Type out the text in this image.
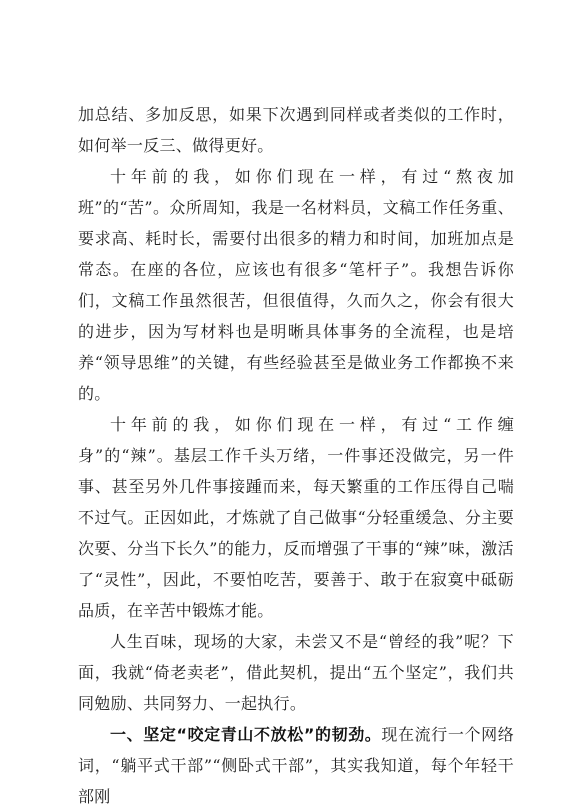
加总结、多加反思，如果下次遇到同样或者类似的工作时，如何举一反三、做得更好。

十年前的我，如你们现在一样，有过“熬夜加班”的“苦”。众所周知，我是一名材料员，文稿工作任务重、要求高、耗时长，需要付出很多的精力和时间，加班加点是常态。在座的各位，应该也有很多“笔杆子”。我想告诉你们，文稿工作虽然很苦，但很值得，久而久之，你会有很大的进步，因为写材料也是明晰具体事务的全流程，也是培养“领导思维”的关键，有些经验甚至是做业务工作都换不来的。

十年前的我，如你们现在一样，有过“工作缠身”的“辣”。基层工作千头万绪，一件事还没做完，另一件事、甚至另外几件事接踵而来，每天繁重的工作压得自己喘不过气。正因如此，才炼就了自己做事“分轻重缓急、分主要次要、分当下长久”的能力，反而增强了干事的“辣”味，激活了“灵性”，因此，不要怕吃苦，要善于、敢于在寂寞中砥砺品质，在辛苦中锻炼才能。

人生百味，现场的大家，未尝又不是“曾经的我”呢？下面，我就“倚老卖老”，借此契机，提出“五个坚定”，我们共同勉励、共同努力、一起执行。

一、坚定“咬定青山不放松”的韧劲。现在流行一个网络词，“躺平式干部”“侧卧式干部”，其实我知道，每个年轻干部刚
